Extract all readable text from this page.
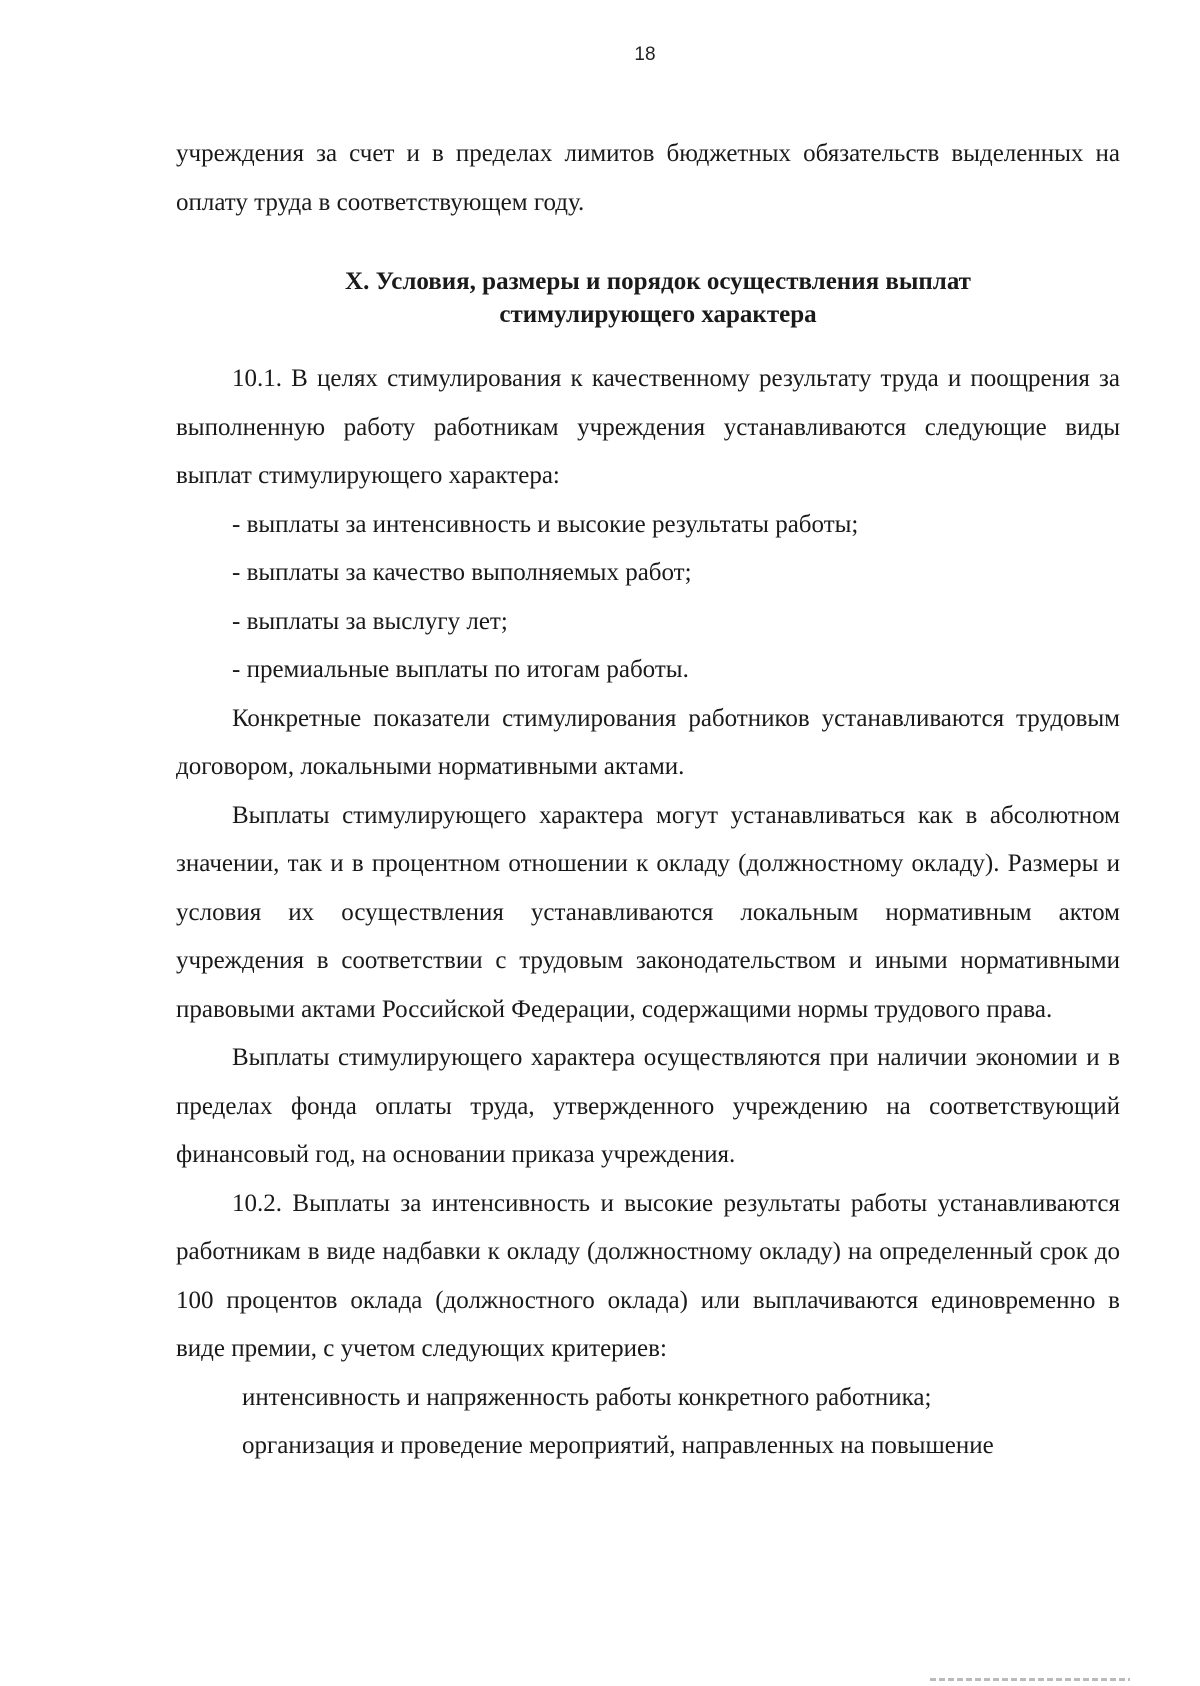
18

учреждения за счет и в пределах лимитов бюджетных обязательств выделенных на оплату труда в соответствующем году.

X. Условия, размеры и порядок осуществления выплат
стимулирующего характера

10.1. В целях стимулирования к качественному результату труда и поощрения за выполненную работу работникам учреждения устанавливаются следующие виды выплат стимулирующего характера:

- выплаты за интенсивность и высокие результаты работы;

- выплаты за качество выполняемых работ;

- выплаты за выслугу лет;

- премиальные выплаты по итогам работы.

Конкретные показатели стимулирования работников устанавливаются трудовым договором, локальными нормативными актами.

Выплаты стимулирующего характера могут устанавливаться как в абсолютном значении, так и в процентном отношении к окладу (должностному окладу). Размеры и условия их осуществления устанавливаются локальным нормативным актом учреждения в соответствии с трудовым законодательством и иными нормативными правовыми актами Российской Федерации, содержащими нормы трудового права.

Выплаты стимулирующего характера осуществляются при наличии экономии и в пределах фонда оплаты труда, утвержденного учреждению на соответствующий финансовый год, на основании приказа учреждения.

10.2. Выплаты за интенсивность и высокие результаты работы устанавливаются работникам в виде надбавки к окладу (должностному окладу) на определенный срок до 100 процентов оклада (должностного оклада) или выплачиваются единовременно в виде премии, с учетом следующих критериев:

интенсивность и напряженность работы конкретного работника;

организация и проведение мероприятий, направленных на повышение
